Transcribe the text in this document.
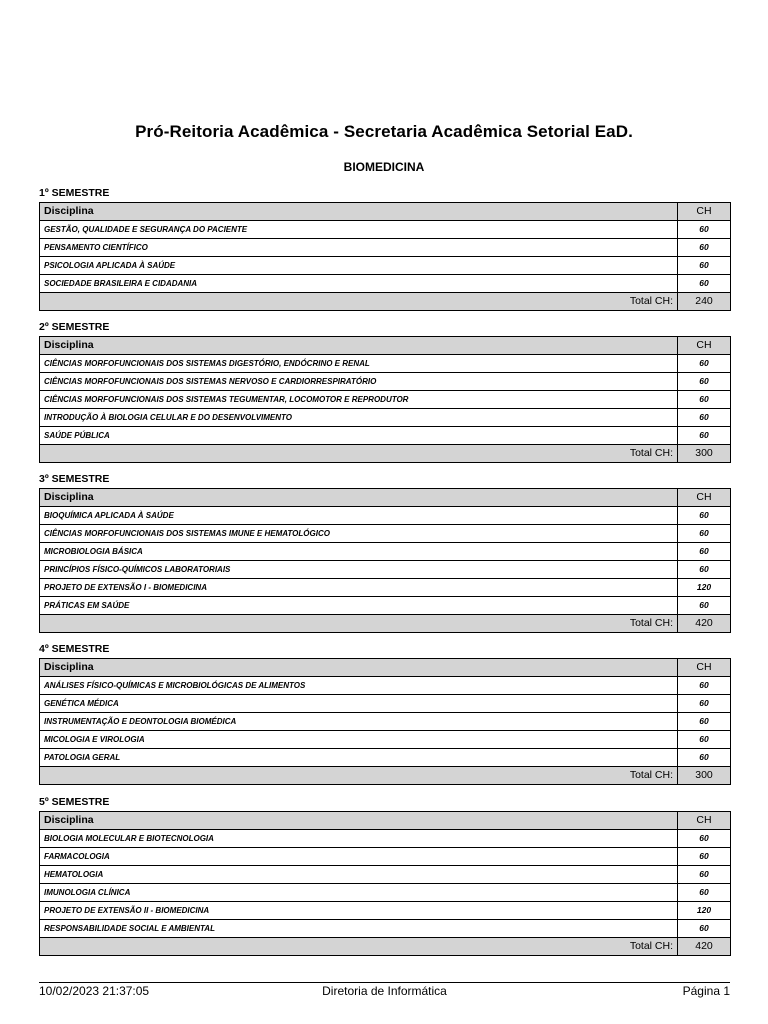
Pró-Reitoria Acadêmica - Secretaria Acadêmica Setorial EaD.
BIOMEDICINA
1º SEMESTRE
Disciplina	CH
GESTÃO, QUALIDADE E SEGURANÇA DO PACIENTE	60
PENSAMENTO CIENTÍFICO	60
PSICOLOGIA APLICADA À SAÚDE	60
SOCIEDADE BRASILEIRA E CIDADANIA	60
Total CH:	240
2º SEMESTRE
Disciplina	CH
CIÊNCIAS MORFOFUNCIONAIS DOS SISTEMAS DIGESTÓRIO, ENDÓCRINO E RENAL	60
CIÊNCIAS MORFOFUNCIONAIS DOS SISTEMAS NERVOSO E CARDIORRESPIRATÓRIO	60
CIÊNCIAS MORFOFUNCIONAIS DOS SISTEMAS TEGUMENTAR, LOCOMOTOR E REPRODUTOR	60
INTRODUÇÃO À BIOLOGIA CELULAR E DO DESENVOLVIMENTO	60
SAÚDE PÚBLICA	60
Total CH:	300
3º SEMESTRE
Disciplina	CH
BIOQUÍMICA APLICADA À SAÚDE	60
CIÊNCIAS MORFOFUNCIONAIS DOS SISTEMAS IMUNE E HEMATOLÓGICO	60
MICROBIOLOGIA BÁSICA	60
PRINCÍPIOS FÍSICO-QUÍMICOS LABORATORIAIS	60
PROJETO DE EXTENSÃO I - BIOMEDICINA	120
PRÁTICAS EM SAÚDE	60
Total CH:	420
4º SEMESTRE
Disciplina	CH
ANÁLISES FÍSICO-QUÍMICAS E MICROBIOLÓGICAS DE ALIMENTOS	60
GENÉTICA MÉDICA	60
INSTRUMENTAÇÃO E DEONTOLOGIA BIOMÉDICA	60
MICOLOGIA E VIROLOGIA	60
PATOLOGIA GERAL	60
Total CH:	300
5º SEMESTRE
Disciplina	CH
BIOLOGIA MOLECULAR E BIOTECNOLOGIA	60
FARMACOLOGIA	60
HEMATOLOGIA	60
IMUNOLOGIA CLÍNICA	60
PROJETO DE EXTENSÃO II - BIOMEDICINA	120
RESPONSABILIDADE SOCIAL E AMBIENTAL	60
Total CH:	420
10/02/2023 21:37:05	Diretoria de Informática	Página 1
